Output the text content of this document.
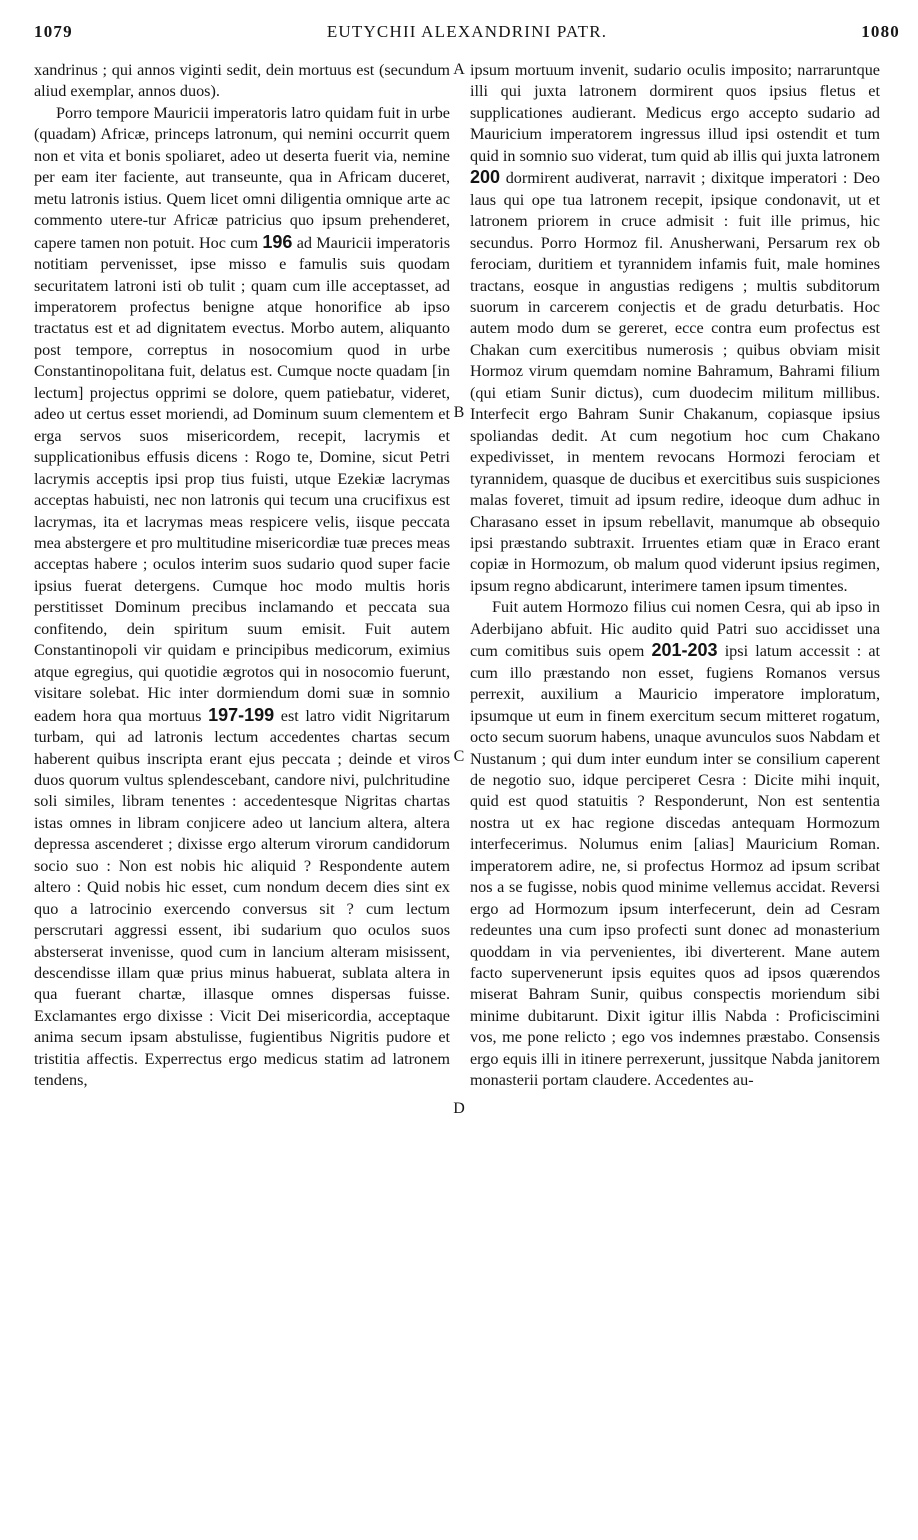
1079	EUTYCHII ALEXANDRINI PATR.	1080
A
B
C
D

xandrinus ; qui annos viginti sedit, dein mortuus est (secundum aliud exemplar, annos duos).

Porro tempore Mauricii imperatoris latro quidam fuit in urbe (quadam) Africæ, princeps latronum, qui nemini occurrit quem non et vita et bonis spoliaret, adeo ut deserta fuerit via, nemine per eam iter faciente, aut transeunte, qua in Africam duceret, metu latronis istius. Quem licet omni diligentia omnique arte ac commento utere-tur Africæ patricius quo ipsum prehenderet, capere tamen non potuit. Hoc cum 196 ad Mauricii imperatoris notitiam pervenisset, ipse misso e famulis suis quodam securitatem latroni isti ob tulit ; quam cum ille acceptasset, ad imperatorem profectus benigne atque honorifice ab ipso tractatus est et ad dignitatem evectus. Morbo autem, aliquanto post tempore, correptus in nosocomium quod in urbe Constantinopolitana fuit, delatus est. Cumque nocte quadam [in lectum] projectus opprimi se dolore, quem patiebatur, videret, adeo ut certus esset moriendi, ad Dominum suum clementem et erga servos suos misericordem, recepit, lacrymis et supplicationibus effusis dicens : Rogo te, Domine, sicut Petri lacrymis acceptis ipsi prop tius fuisti, utque Ezekiæ lacrymas acceptas habuisti, nec non latronis qui tecum una crucifixus est lacrymas, ita et lacrymas meas respicere velis, iisque peccata mea abstergere et pro multitudine misericordiæ tuæ preces meas acceptas habere ; oculos interim suos sudario quod super facie ipsius fuerat detergens. Cumque hoc modo multis horis perstitisset Dominum precibus inclamando et peccata sua confitendo, dein spiritum suum emisit. Fuit autem Constantinopoli vir quidam e principibus medicorum, eximius atque egregius, qui quotidie ægrotos qui in nosocomio fuerunt, visitare solebat. Hic inter dormiendum domi suæ in somnio eadem hora qua mortuus 197-199 est latro vidit Nigritarum turbam, qui ad latronis lectum accedentes chartas secum haberent quibus inscripta erant ejus peccata ; deinde et viros duos quorum vultus splendescebant, candore nivi, pulchritudine soli similes, libram tenentes : accedentesque Nigritas chartas istas omnes in libram conjicere adeo ut lancium altera, altera depressa ascenderet ; dixisse ergo alterum virorum candidorum socio suo : Non est nobis hic aliquid ? Respondente autem altero : Quid nobis hic esset, cum nondum decem dies sint ex quo a latrocinio exercendo conversus sit ? cum lectum perscrutari aggressi essent, ibi sudarium quo oculos suos absterserat invenisse, quod cum in lancium alteram misissent, descendisse illam quæ prius minus habuerat, sublata altera in qua fuerant chartæ, illasque omnes dispersas fuisse. Exclamantes ergo dixisse : Vicit Dei misericordia, acceptaque anima secum ipsam abstulisse, fugientibus Nigritis pudore et tristitia affectis. Experrectus ergo medicus statim ad latronem tendens,

ipsum mortuum invenit, sudario oculis imposito; narraruntque illi qui juxta latronem dormirent quos ipsius fletus et supplicationes audierant. Medicus ergo accepto sudario ad Mauricium imperatorem ingressus illud ipsi ostendit et tum quid in somnio suo viderat, tum quid ab illis qui juxta latronem 200 dormirent audiverat, narravit ; dixitque imperatori : Deo laus qui ope tua latronem recepit, ipsique condonavit, ut et latronem priorem in cruce admisit : fuit ille primus, hic secundus. Porro Hormoz fil. Anusherwani, Persarum rex ob ferociam, duritiem et tyrannidem infamis fuit, male homines tractans, eosque in angustias redigens ; multis subditorum suorum in carcerem conjectis et de gradu deturbatis. Hoc autem modo dum se gereret, ecce contra eum profectus est Chakan cum exercitibus numerosis ; quibus obviam misit Hormoz virum quemdam nomine Bahramum, Bahrami filium (qui etiam Sunir dictus), cum duodecim militum millibus. Interfecit ergo Bahram Sunir Chakanum, copiasque ipsius spoliandas dedit. At cum negotium hoc cum Chakano expedivisset, in mentem revocans Hormozi ferociam et tyrannidem, quasque de ducibus et exercitibus suis suspiciones malas foveret, timuit ad ipsum redire, ideoque dum adhuc in Charasano esset in ipsum rebellavit, manumque ab obsequio ipsi præstando subtraxit. Irruentes etiam quæ in Eraco erant copiæ in Hormozum, ob malum quod viderunt ipsius regimen, ipsum regno abdicarunt, interimere tamen ipsum timentes.

Fuit autem Hormozo filius cui nomen Cesra, qui ab ipso in Aderbijano abfuit. Hic audito quid Patri suo accidisset una cum comitibus suis opem 201-203 ipsi latum accessit : at cum illo præstando non esset, fugiens Romanos versus perrexit, auxilium a Mauricio imperatore imploratum, ipsumque ut eum in finem exercitum secum mitteret rogatum, octo secum suorum habens, unaque avunculos suos Nabdam et Nustanum ; qui dum inter eundum inter se consilium caperent de negotio suo, idque perciperet Cesra : Dicite mihi inquit, quid est quod statuitis ? Responderunt, Non est sententia nostra ut ex hac regione discedas antequam Hormozum interfecerimus. Nolumus enim [alias] Mauricium Roman. imperatorem adire, ne, si profectus Hormoz ad ipsum scribat nos a se fugisse, nobis quod minime vellemus accidat. Reversi ergo ad Hormozum ipsum interfecerunt, dein ad Cesram redeuntes una cum ipso profecti sunt donec ad monasterium quoddam in via pervenientes, ibi diverterent. Mane autem facto supervenerunt ipsis equites quos ad ipsos quærendos miserat Bahram Sunir, quibus conspectis moriendum sibi minime dubitarunt. Dixit igitur illis Nabda : Proficiscimini vos, me pone relicto ; ego vos indemnes præstabo. Consensis ergo equis illi in itinere perrexerunt, jussitque Nabda janitorem monasterii portam claudere. Accedentes au-
